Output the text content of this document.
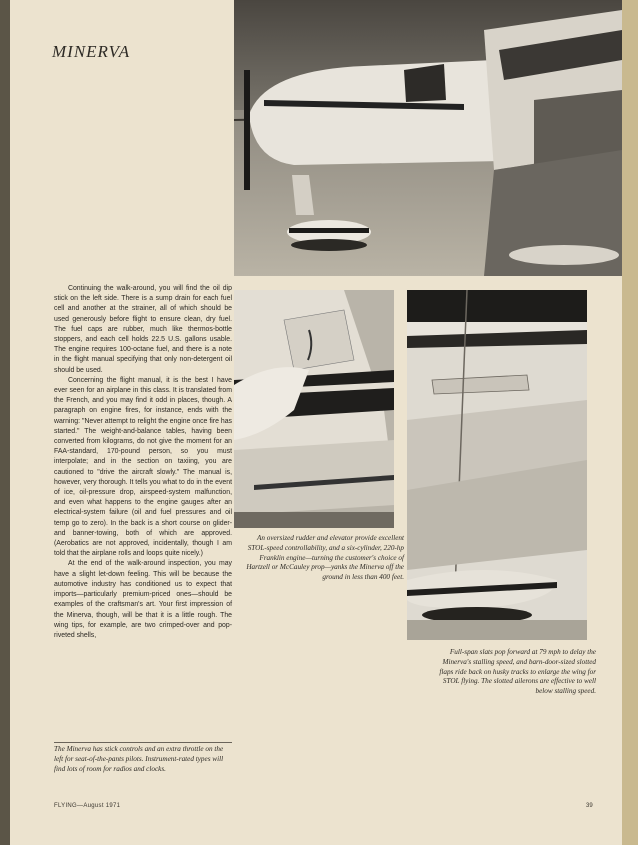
MINERVA

Continuing the walk-around, you will find the oil dip stick on the left side. There is a sump drain for each fuel cell and another at the strainer, all of which should be used generously before flight to ensure clean, dry fuel. The fuel caps are rubber, much like thermos-bottle stoppers, and each cell holds 22.5 U.S. gallons usable. The engine requires 100-octane fuel, and there is a note in the flight manual specifying that only non-detergent oil should be used.

Concerning the flight manual, it is the best I have ever seen for an airplane in this class. It is translated from the French, and you may find it odd in places, though. A paragraph on engine fires, for instance, ends with the warning: "Never attempt to relight the engine once fire has started." The weight-and-balance tables, having been converted from kilograms, do not give the moment for an FAA-standard, 170-pound person, so you must interpolate; and in the section on taxiing, you are cautioned to "drive the aircraft slowly." The manual is, however, very thorough. It tells you what to do in the event of ice, oil-pressure drop, airspeed-system malfunction, and even what happens to the engine gauges after an electrical-system failure (oil and fuel pressures and oil temp go to zero). In the back is a short course on glider- and banner-towing, both of which are approved. (Aerobatics are not approved, incidentally, though I am told that the airplane rolls and loops quite nicely.)

At the end of the walk-around inspection, you may have a slight let-down feeling. This will be because the automotive industry has conditioned us to expect that imports—particularly premium-priced ones—should be examples of the craftsman's art. Your first impression of the Minerva, though, will be that it is a little rough. The wing tips, for example, are two crimped-over and pop-riveted shells,

The Minerva has stick controls and an extra throttle on the left for seat-of-the-pants pilots. Instrument-rated types will find lots of room for radios and clocks.
An oversized rudder and elevator provide excellent STOL-speed controllability, and a six-cylinder, 220-hp Franklin engine—turning the customer's choice of Hartzell or McCauley prop—yanks the Minerva off the ground in less than 400 feet.
Full-span slats pop forward at 79 mph to delay the Minerva's stalling speed, and barn-door-sized slotted flaps ride back on husky tracks to enlarge the wing for STOL flying. The slotted ailerons are effective to well below stalling speed.
FLYING—August 1971	39
